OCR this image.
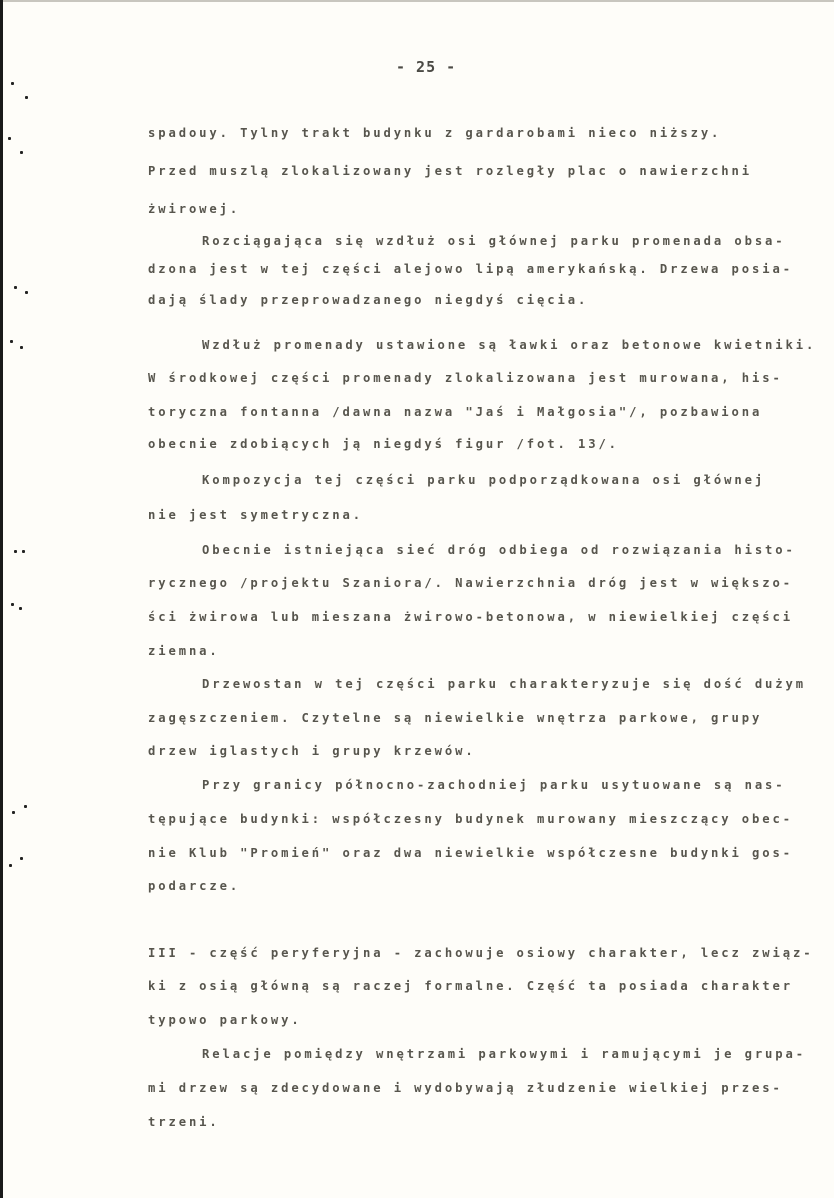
- 25 -
spadouy. Tylny trakt budynku z gardarobami nieco niższy.
Przed muszlą zlokalizowany jest rozległy plac o nawierzchni
żwirowej.
Rozciągająca się wzdłuż osi głównej parku promenada obsa-
dzona jest w tej części alejowo lipą amerykańską. Drzewa posia-
dają ślady przeprowadzanego niegdyś cięcia.
Wzdłuż promenady ustawione są ławki oraz betonowe kwietniki.
W środkowej części promenady zlokalizowana jest murowana, his-
toryczna fontanna /dawna nazwa "Jaś i Małgosia"/, pozbawiona
obecnie zdobiących ją niegdyś figur /fot. 13/.
Kompozycja tej części parku podporządkowana osi głównej
nie jest symetryczna.
Obecnie istniejąca sieć dróg odbiega od rozwiązania histo-
rycznego /projektu Szaniora/. Nawierzchnia dróg jest w większo-
ści żwirowa lub mieszana żwirowo-betonowa, w niewielkiej części
ziemna.
Drzewostan w tej części parku charakteryzuje się dość dużym
zagęszczeniem. Czytelne są niewielkie wnętrza parkowe, grupy
drzew iglastych i grupy krzewów.
Przy granicy północno-zachodniej parku usytuowane są nas-
tępujące budynki: współczesny budynek murowany mieszczący obec-
nie Klub "Promień" oraz dwa niewielkie współczesne budynki gos-
podarcze.
III - część peryferyjna - zachowuje osiowy charakter, lecz związ-
ki z osią główną są raczej formalne. Część ta posiada charakter
typowo parkowy.
Relacje pomiędzy wnętrzami parkowymi i ramującymi je grupa-
mi drzew są zdecydowane i wydobywają złudzenie wielkiej przes-
trzeni.
